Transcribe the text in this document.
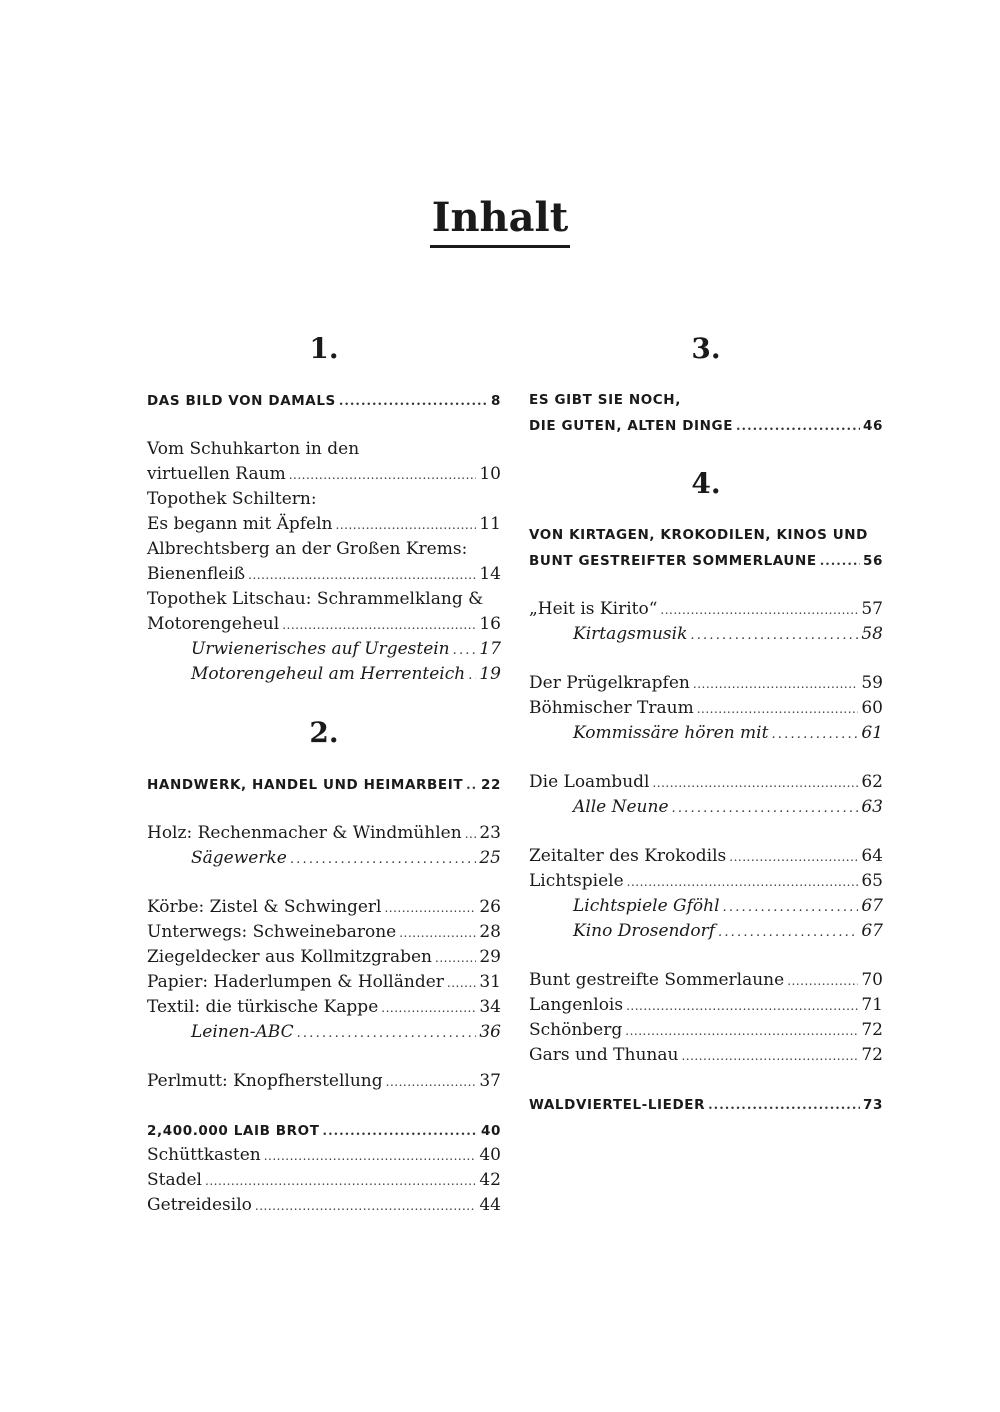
Inhalt
1.
DAS BILD VON DAMALS .....	8
Vom Schuhkarton in den
virtuellen Raum .....	10
Topothek Schiltern:
Es begann mit Äpfeln .....	11
Albrechtsberg an der Großen Krems:
Bienenfleiß .....	14
Topothek Litschau: Schrammelklang &
Motorengeheul .....	16
Urwienerisches auf Urgestein ..... 17
Motorengeheul am Herrenteich ..... 19
2.
HANDWERK, HANDEL UND HEIMARBEIT ..... 22
Holz: Rechenmacher & Windmühlen ..... 23
Sägewerke .....	25
Körbe: Zistel & Schwingerl .....	26
Unterwegs: Schweinebarone .....	28
Ziegeldecker aus Kollmitzgraben .....	29
Papier: Haderlumpen & Holländer ..... 31
Textil: die türkische Kappe .....	34
Leinen-ABC .....	36
Perlmutt: Knopfherstellung .....	37
2,400.000 LAIB BROT .....	40
Schüttkasten .....	40
Stadel .....	42
Getreidesilo .....	44
3.
ES GIBT SIE NOCH,
DIE GUTEN, ALTEN DINGE .....	46
4.
VON KIRTAGEN, KROKODILEN, KINOS UND
BUNT GESTREIFTER SOMMERLAUNE .....	56
„Heit is Kirito“ .....	57
Kirtagsmusik .....	58
Der Prügelkrapfen .....	59
Böhmischer Traum .....	60
Kommissäre hören mit .....	61
Die Loambudl .....	62
Alle Neune .....	63
Zeitalter des Krokodils .....	64
Lichtspiele .....	65
Lichtspiele Gföhl .....	67
Kino Drosendorf .....	67
Bunt gestreifte Sommerlaune .....	70
Langenlois .....	71
Schönberg .....	72
Gars und Thunau .....	72
WALDVIERTEL-LIEDER .....	73
